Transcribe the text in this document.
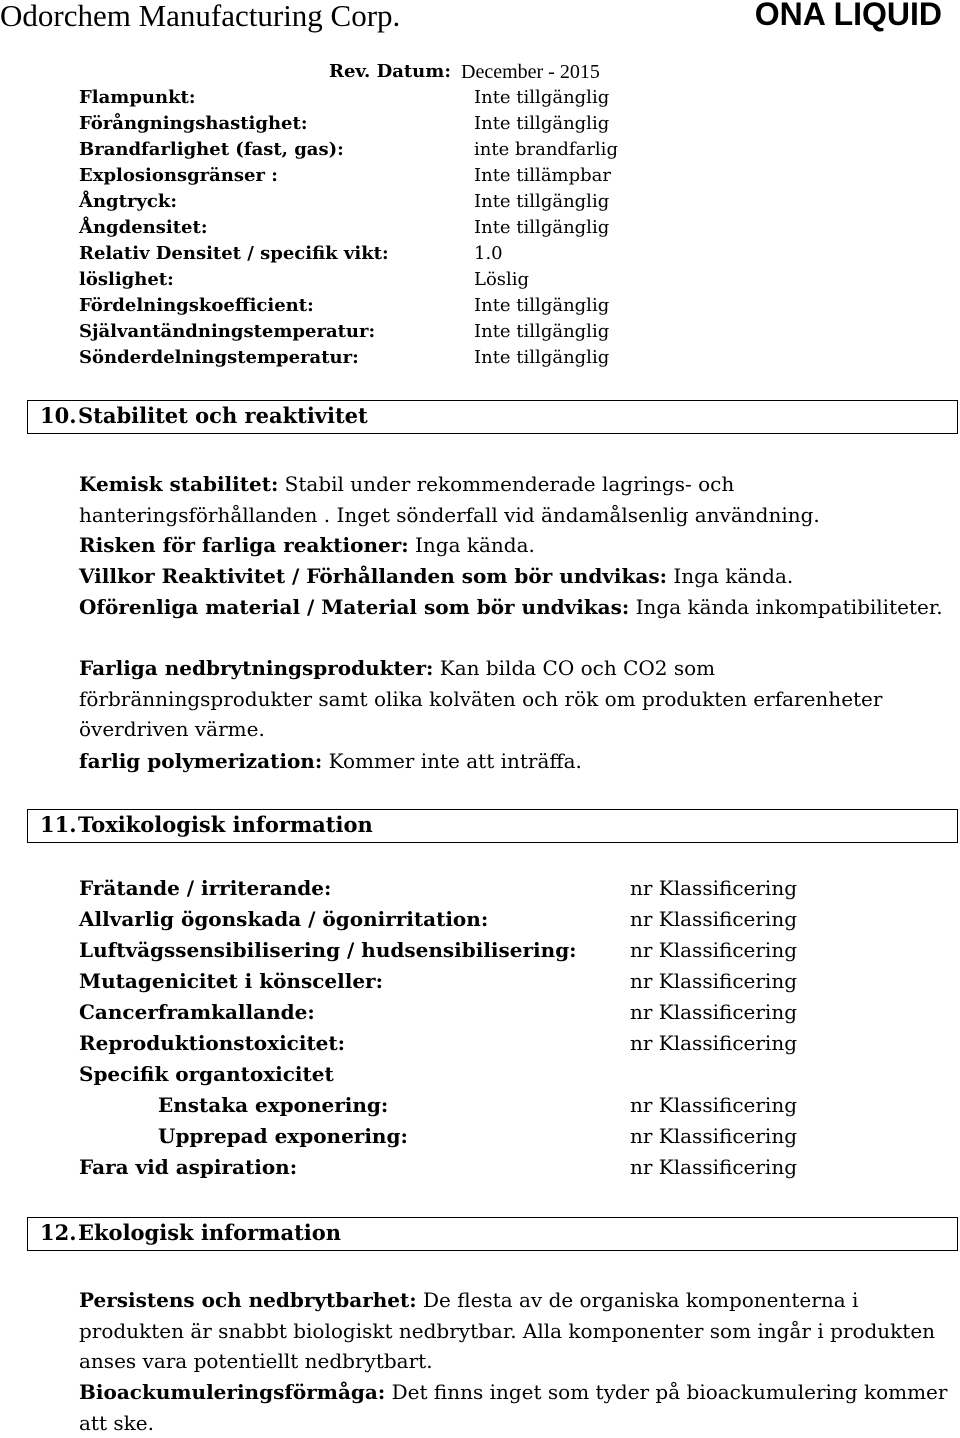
Odorchem Manufacturing Corp.	ONA LIQUID
Rev. Datum: December - 2015
Flampunkt:	Inte tillgänglig
Förångningshastighet:	Inte tillgänglig
Brandfarlighet (fast, gas):	inte brandfarlig
Explosionsgränser :	Inte tillämpbar
Ångtryck:	Inte tillgänglig
Ångdensitet:	Inte tillgänglig
Relativ Densitet / specifik vikt:	1.0
löslighet:	Löslig
Fördelningskoefficient:	Inte tillgänglig
Självantändningstemperatur:	Inte tillgänglig
Sönderdelningstemperatur:	Inte tillgänglig
10. Stabilitet och reaktivitet
Kemisk stabilitet: Stabil under rekommenderade lagrings- och hanteringsförhållanden . Inget sönderfall vid ändamålsenlig användning.
Risken för farliga reaktioner: Inga kända.
Villkor Reaktivitet / Förhållanden som bör undvikas: Inga kända.
Oförenliga material / Material som bör undvikas: Inga kända inkompatibiliteter.
Farliga nedbrytningsprodukter: Kan bilda CO och CO2 som förbränningsprodukter samt olika kolväten och rök om produkten erfarenheter överdriven värme.
farlig polymerization: Kommer inte att inträffa.
11. Toxikologisk information
Frätande / irriterande:	nr Klassificering
Allvarlig ögonskada / ögonirritation:	nr Klassificering
Luftvägssensibilisering / hudsensibilisering:	nr Klassificering
Mutagenicitet i könsceller:	nr Klassificering
Cancerframkallande:	nr Klassificering
Reproduktionstoxicitet:	nr Klassificering
Specifik organtoxicitet
Enstaka exponering:	nr Klassificering
Upprepad exponering:	nr Klassificering
Fara vid aspiration:	nr Klassificering
12. Ekologisk information
Persistens och nedbrytbarhet: De flesta av de organiska komponenterna i produkten är snabbt biologiskt nedbrytbar. Alla komponenter som ingår i produkten anses vara potentiellt nedbrytbart.
Bioackumuleringsförmåga: Det finns inget som tyder på bioackumulering kommer att ske.
